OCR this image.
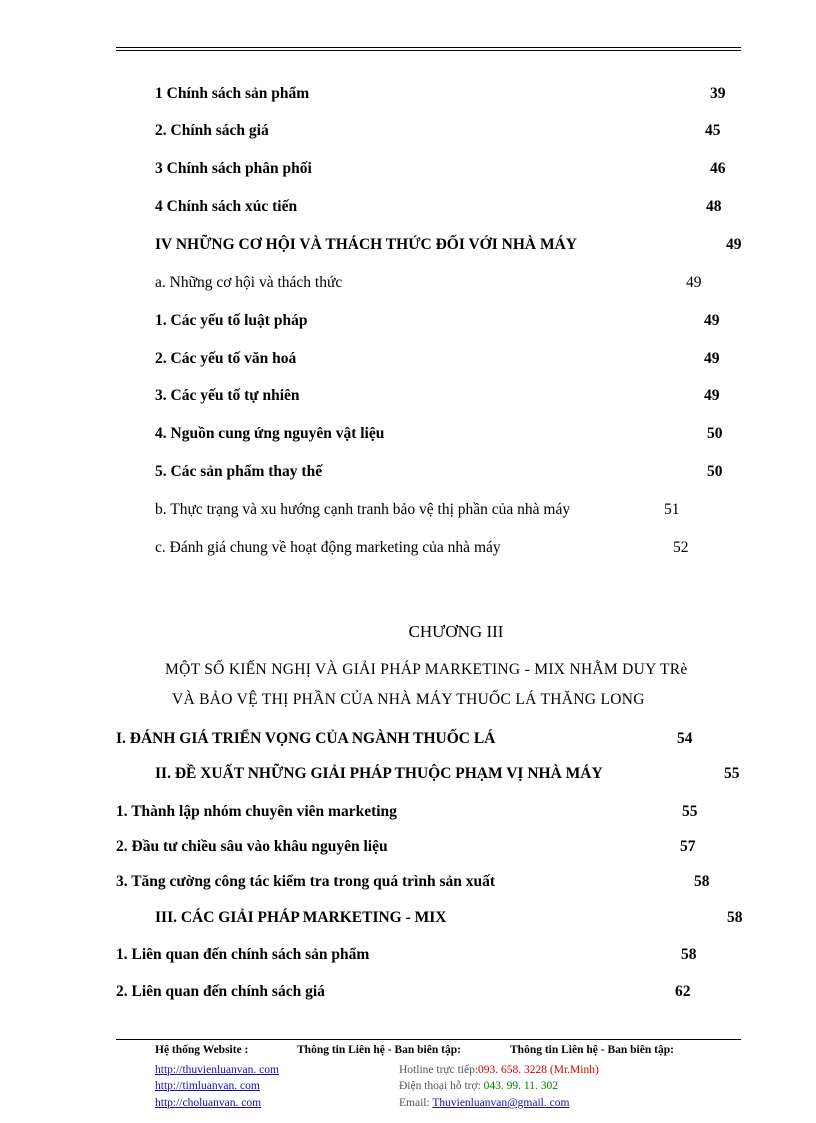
1 Chính sách sản phẩm	39
2. Chính sách giá	45
3 Chính sách phân phối	46
4 Chính sách xúc tiến	48
IV NHỮNG CƠ HỘI VÀ THÁCH THỨC ĐỐI VỚI NHÀ MÁY	49
a. Những cơ hội và thách thức	49
1. Các yếu tố luật pháp	49
2. Các yếu tố văn hoá	49
3. Các yếu tố tự nhiên	49
4. Nguồn cung ứng nguyên vật liệu	50
5. Các sản phẩm thay thế	50
b. Thực trạng và xu hướng cạnh tranh bảo vệ thị phần của nhà máy	51
c. Đánh giá chung về hoạt động marketing của nhà máy	52
CHƯƠNG III
MỘT SỐ KIẾN NGHỊ VÀ GIẢI PHÁP MARKETING - MIX NHẰM DUY TRè
VÀ BẢO VỆ THỊ PHẦN CỦA NHÀ MÁY THUỐC LÁ THĂNG LONG
I. ĐÁNH GIÁ TRIỂN VỌNG CỦA NGÀNH THUỐC LÁ	54
II. ĐỀ XUẤT NHỮNG GIẢI PHÁP THUỘC PHẠM VỊ NHÀ MÁY	55
1. Thành lập nhóm chuyên viên marketing	55
2. Đầu tư chiều sâu vào khâu nguyên liệu	57
3. Tăng cường công tác kiểm tra trong quá trình sản xuất	58
III. CÁC GIẢI PHÁP MARKETING - MIX	58
1. Liên quan đến chính sách sản phẩm	58
2. Liên quan đến chính sách giá	62
Hệ thống Website :	Thông tin Liên hệ - Ban biên tập:	Thông tin Liên hệ - Ban biên tập:
http://thuvienluanvan. com
http://timluanvan. com
http://choluanvan. com
Hotline trực tiếp:093. 658. 3228 (Mr.Minh)
Điện thoại hỗ trợ: 043. 99. 11. 302
Email: Thuvienluanvan@gmail. com
